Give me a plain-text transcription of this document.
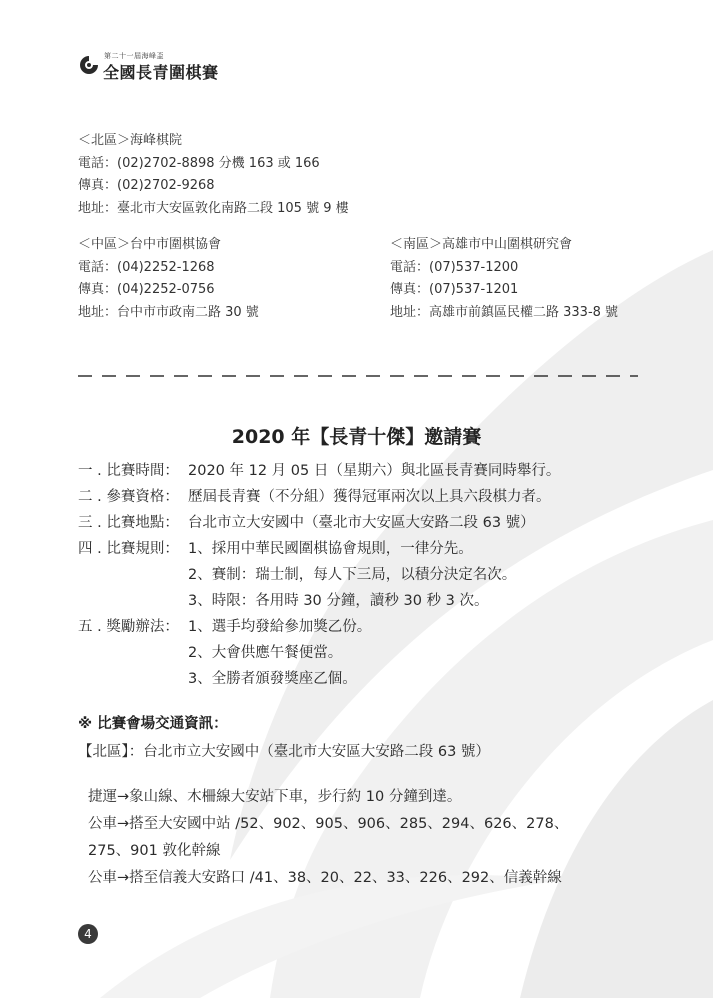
第二十一屆海峰盃
全國長青圍棋賽
＜北區＞海峰棋院
電話：(02)2702-8898 分機 163 或 166
傳真：(02)2702-9268
地址：臺北市大安區敦化南路二段 105 號 9 樓
＜中區＞台中市圍棋協會
電話：(04)2252-1268
傳真：(04)2252-0756
地址：台中市市政南二路 30 號
＜南區＞高雄市中山圍棋研究會
電話：(07)537-1200
傳真：(07)537-1201
地址：高雄市前鎮區民權二路 333-8 號
2020 年【長青十傑】邀請賽
一 . 比賽時間： 2020 年 12 月 05 日（星期六）與北區長青賽同時舉行。
二 . 參賽資格： 歷屆長青賽（不分組）獲得冠軍兩次以上具六段棋力者。
三 . 比賽地點： 台北市立大安國中（臺北市大安區大安路二段 63 號）
四 . 比賽規則： 1、採用中華民國圍棋協會規則，一律分先。
2、賽制：瑞士制，每人下三局，以積分決定名次。
3、時限：各用時 30 分鐘，讀秒 30 秒 3 次。
五 . 獎勵辦法： 1、選手均發給參加獎乙份。
2、大會供應午餐便當。
3、全勝者頒發獎座乙個。
※ 比賽會場交通資訊：
【北區】：台北市立大安國中（臺北市大安區大安路二段 63 號）
捷運→象山線、木柵線大安站下車，步行約 10 分鐘到達。
公車→搭至大安國中站 /52、902、905、906、285、294、626、278、
275、901 敦化幹線
公車→搭至信義大安路口 /41、38、20、22、33、226、292、信義幹線
4
